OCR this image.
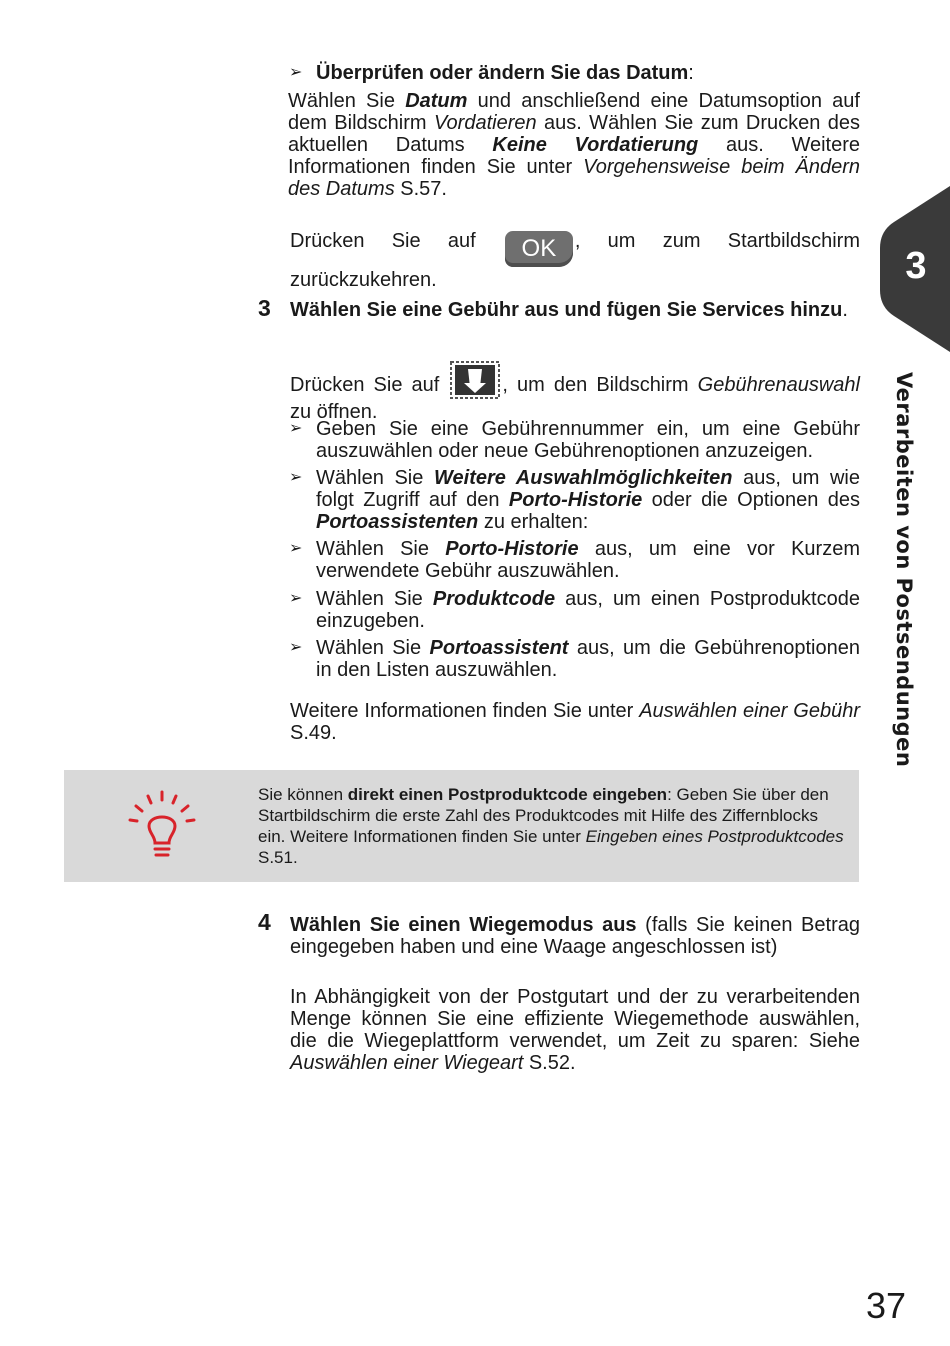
➢ Überprüfen oder ändern Sie das Datum:

Wählen Sie Datum und anschließend eine Datumsoption auf dem Bildschirm Vordatieren aus. Wählen Sie zum Drucken des aktuellen Datums Keine Vordatierung aus. Weitere Informationen finden Sie unter Vorgehensweise beim Ändern des Datums S.57.

Drücken Sie auf OK , um zum Startbildschirm zurückzukehren.

3 Wählen Sie eine Gebühr aus und fügen Sie Services hinzu.

Drücken Sie auf	, um den Bildschirm Gebührenauswahl zu öffnen.

➢ Geben Sie eine Gebührennummer ein, um eine Gebühr auszuwählen oder neue Gebührenoptionen anzuzeigen.
➢ Wählen Sie Weitere Auswahlmöglichkeiten aus, um wie folgt Zugriff auf den Porto-Historie oder die Optionen des Portoassistenten zu erhalten:
➢ Wählen Sie Porto-Historie aus, um eine vor Kurzem verwendete Gebühr auszuwählen.
➢ Wählen Sie Produktcode aus, um einen Postproduktcode einzugeben.
➢ Wählen Sie Portoassistent aus, um die Gebührenoptionen in den Listen auszuwählen.

Weitere Informationen finden Sie unter Auswählen einer Gebühr S.49.

Sie können direkt einen Postproduktcode eingeben: Geben Sie über den Startbildschirm die erste Zahl des Produktcodes mit Hilfe des Ziffernblocks ein. Weitere Informationen finden Sie unter Eingeben eines Postproduktcodes S.51.

4 Wählen Sie einen Wiegemodus aus (falls Sie keinen Betrag eingegeben haben und eine Waage angeschlossen ist)

In Abhängigkeit von der Postgutart und der zu verarbeitenden Menge können Sie eine effiziente Wiegemethode auswählen, die die Wiegeplattform verwendet, um Zeit zu sparen: Siehe Auswählen einer Wiegeart S.52.

3
Verarbeiten von Postsendungen
37
